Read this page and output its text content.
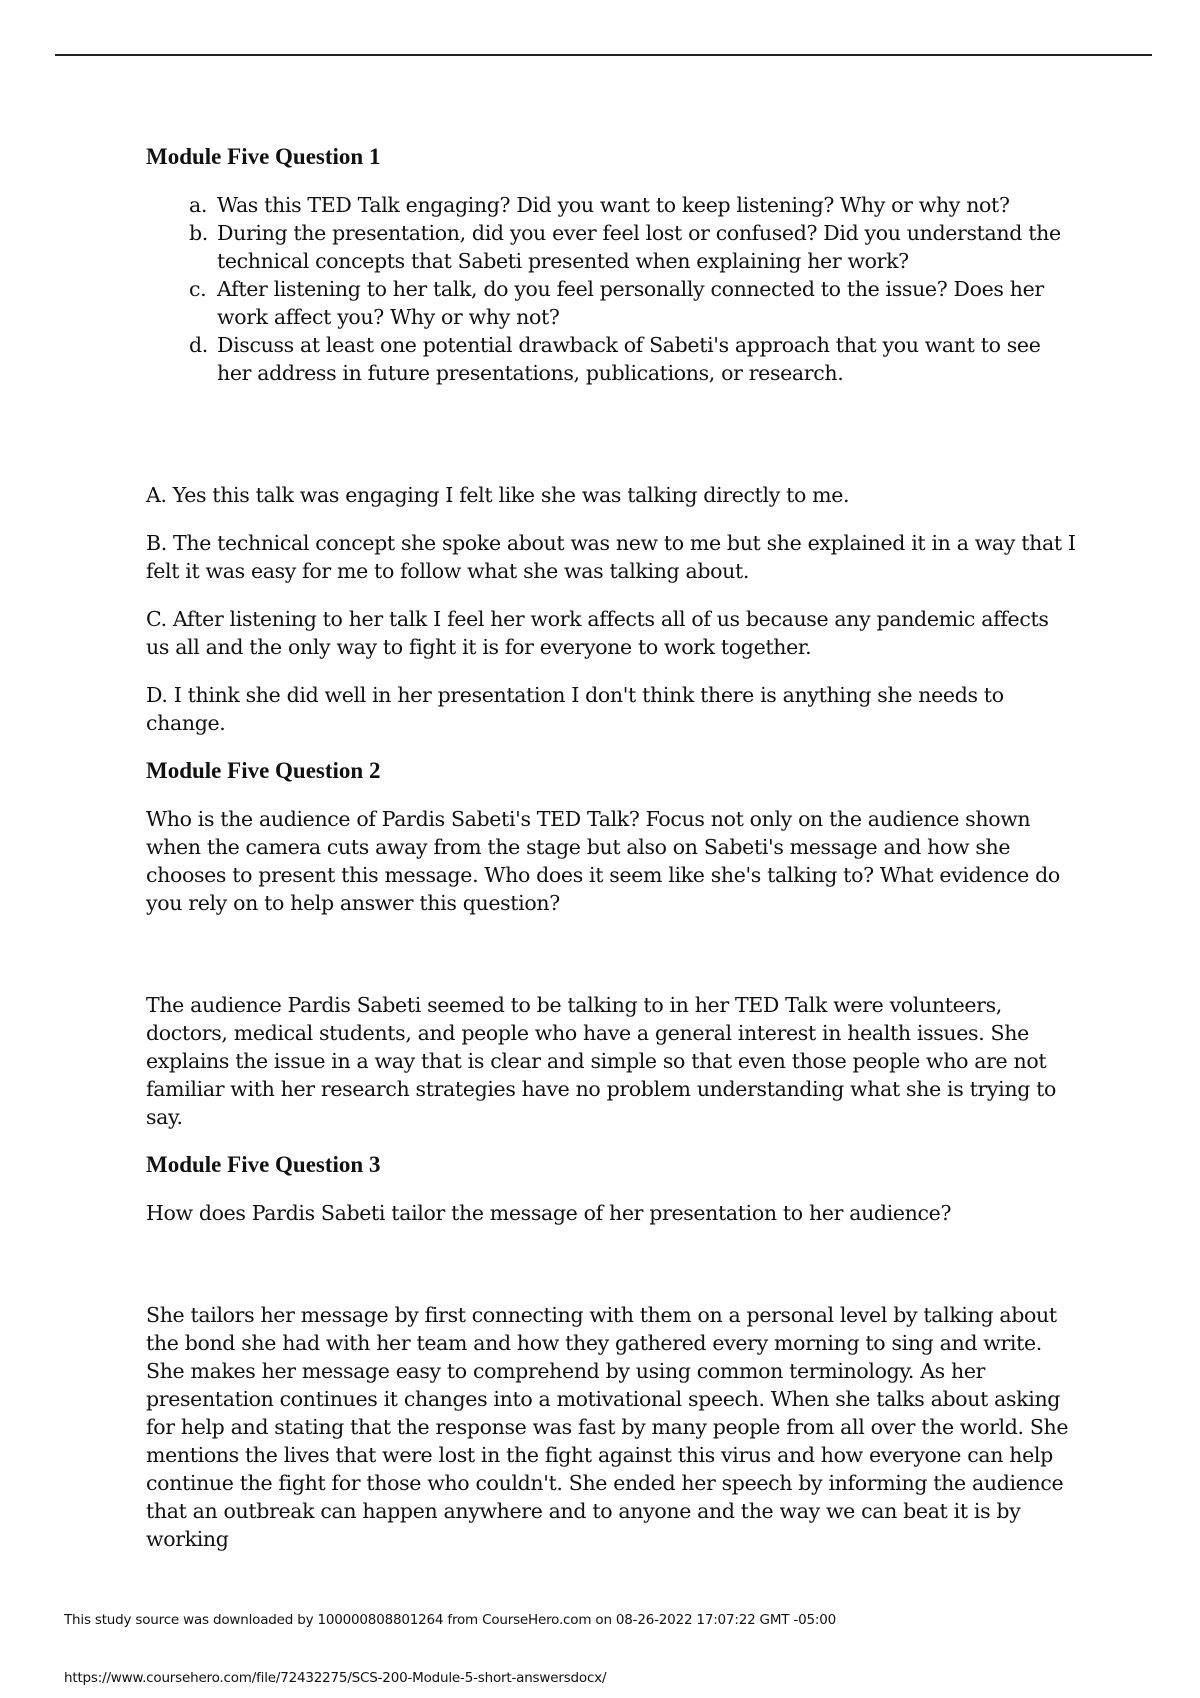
Module Five Question 1
a. Was this TED Talk engaging? Did you want to keep listening? Why or why not?
b. During the presentation, did you ever feel lost or confused? Did you understand the technical concepts that Sabeti presented when explaining her work?
c. After listening to her talk, do you feel personally connected to the issue? Does her work affect you? Why or why not?
d. Discuss at least one potential drawback of Sabeti's approach that you want to see her address in future presentations, publications, or research.

A. Yes this talk was engaging I felt like she was talking directly to me.

B. The technical concept she spoke about was new to me but she explained it in a way that I felt it was easy for me to follow what she was talking about.

C. After listening to her talk I feel her work affects all of us because any pandemic affects us all and the only way to fight it is for everyone to work together.

D. I think she did well in her presentation I don't think there is anything she needs to change.

Module Five Question 2

Who is the audience of Pardis Sabeti's TED Talk? Focus not only on the audience shown when the camera cuts away from the stage but also on Sabeti's message and how she chooses to present this message. Who does it seem like she's talking to? What evidence do you rely on to help answer this question?

The audience Pardis Sabeti seemed to be talking to in her TED Talk were volunteers, doctors, medical students, and people who have a general interest in health issues. She explains the issue in a way that is clear and simple so that even those people who are not familiar with her research strategies have no problem understanding what she is trying to say.

Module Five Question 3

How does Pardis Sabeti tailor the message of her presentation to her audience?

She tailors her message by first connecting with them on a personal level by talking about the bond she had with her team and how they gathered every morning to sing and write. She makes her message easy to comprehend by using common terminology. As her presentation continues it changes into a motivational speech. When she talks about asking for help and stating that the response was fast by many people from all over the world. She mentions the lives that were lost in the fight against this virus and how everyone can help continue the fight for those who couldn't. She ended her speech by informing the audience that an outbreak can happen anywhere and to anyone and the way we can beat it is by working

This study source was downloaded by 100000808801264 from CourseHero.com on 08-26-2022 17:07:22 GMT -05:00
https://www.coursehero.com/file/72432275/SCS-200-Module-5-short-answersdocx/
